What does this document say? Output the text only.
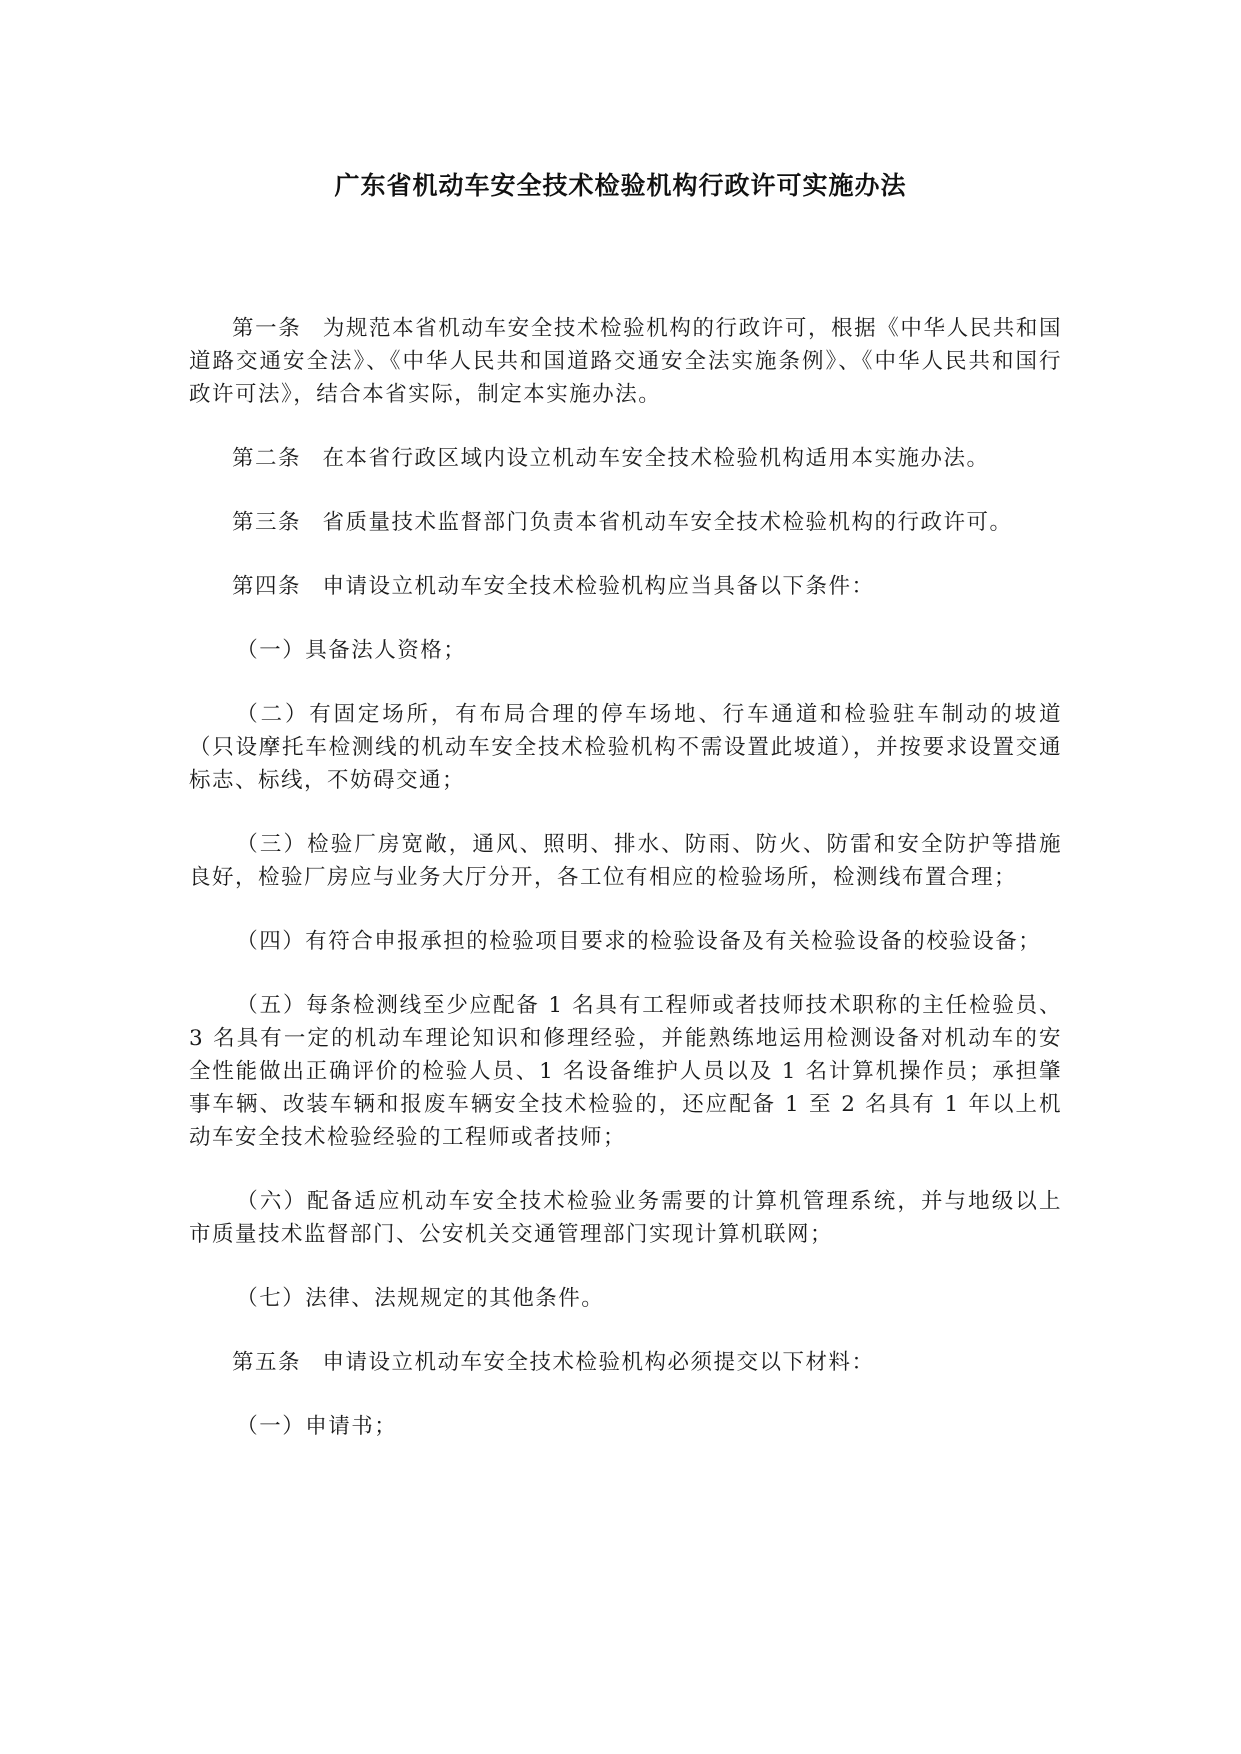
广东省机动车安全技术检验机构行政许可实施办法

第一条 为规范本省机动车安全技术检验机构的行政许可，根据《中华人民共和国道路交通安全法》、《中华人民共和国道路交通安全法实施条例》、《中华人民共和国行政许可法》，结合本省实际，制定本实施办法。

第二条 在本省行政区域内设立机动车安全技术检验机构适用本实施办法。

第三条 省质量技术监督部门负责本省机动车安全技术检验机构的行政许可。

第四条 申请设立机动车安全技术检验机构应当具备以下条件：

（一）具备法人资格；

（二）有固定场所，有布局合理的停车场地、行车通道和检验驻车制动的坡道（只设摩托车检测线的机动车安全技术检验机构不需设置此坡道），并按要求设置交通标志、标线，不妨碍交通；

（三）检验厂房宽敞，通风、照明、排水、防雨、防火、防雷和安全防护等措施良好，检验厂房应与业务大厅分开，各工位有相应的检验场所，检测线布置合理；

（四）有符合申报承担的检验项目要求的检验设备及有关检验设备的校验设备；

（五）每条检测线至少应配备 1 名具有工程师或者技师技术职称的主任检验员、3 名具有一定的机动车理论知识和修理经验，并能熟练地运用检测设备对机动车的安全性能做出正确评价的检验人员、1 名设备维护人员以及 1 名计算机操作员；承担肇事车辆、改装车辆和报废车辆安全技术检验的，还应配备 1 至 2 名具有 1 年以上机动车安全技术检验经验的工程师或者技师；

（六）配备适应机动车安全技术检验业务需要的计算机管理系统，并与地级以上市质量技术监督部门、公安机关交通管理部门实现计算机联网；

（七）法律、法规规定的其他条件。

第五条 申请设立机动车安全技术检验机构必须提交以下材料：

（一）申请书；
